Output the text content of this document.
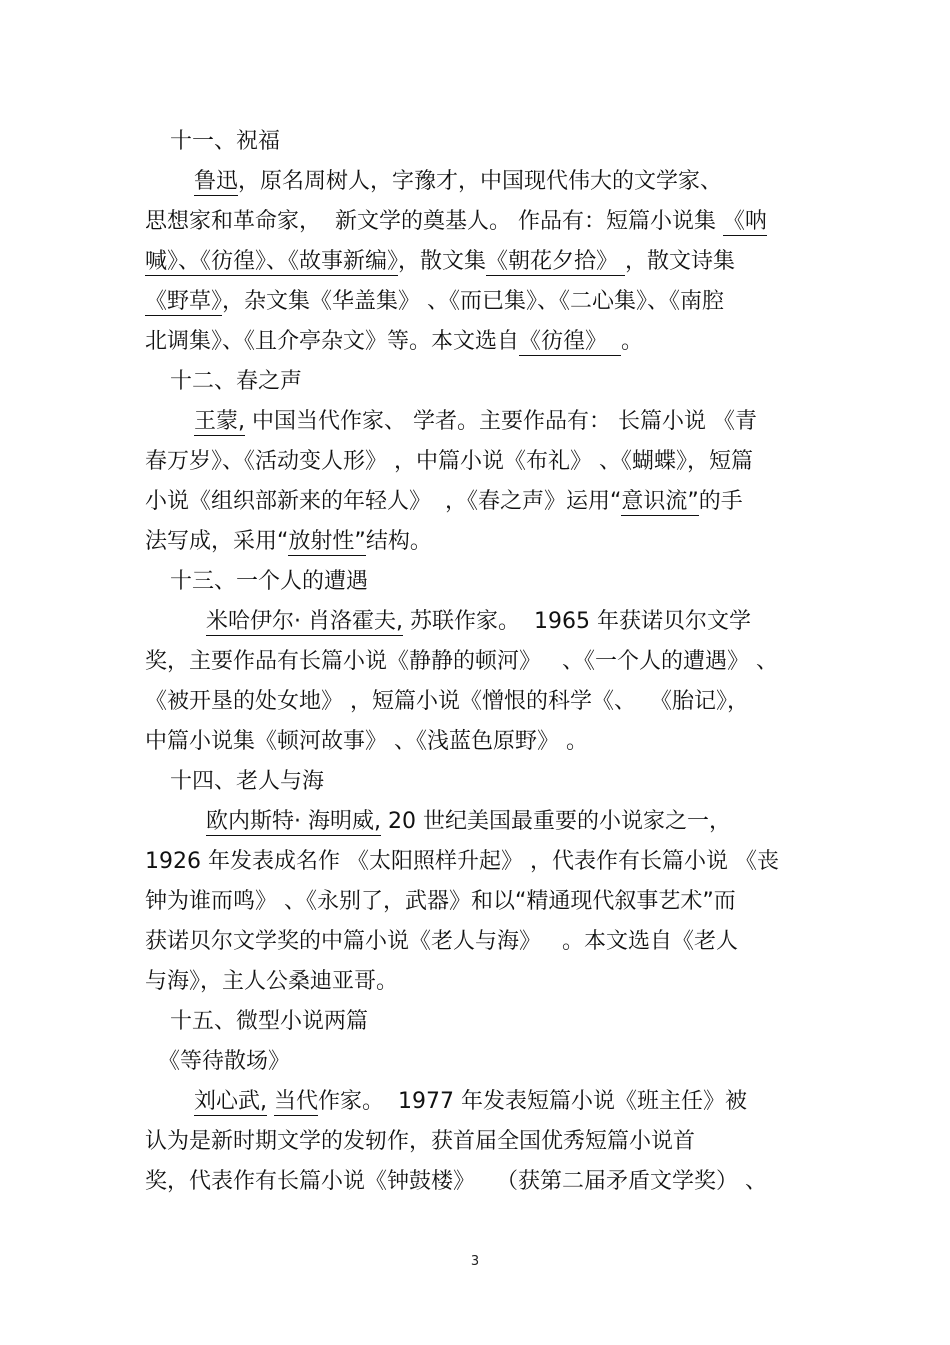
十一、祝福
鲁迅，原名周树人，字豫才，中国现代伟大的文学家、
思想家和革命家，  新文学的奠基人。 作品有：短篇小说集 《呐
喊》、《彷徨》、《故事新编》，散文集《朝花夕拾》 ，散文诗集
《野草》，杂文集《华盖集》 、《而已集》、《二心集》、《南腔
北调集》、《且介亭杂文》等。本文选自《彷徨》  。
十二、春之声
王蒙, 中国当代作家、 学者。主要作品有： 长篇小说 《青
春万岁》、《活动变人形》 ，中篇小说《布礼》 、《蝴蝶》，短篇
小说《组织部新来的年轻人》  ，《春之声》运用“意识流”的手
法写成，采用“放射性”结构。
十三、一个人的遭遇
米哈伊尔· 肖洛霍夫, 苏联作家。  1965 年获诺贝尔文学
奖，主要作品有长篇小说《静静的顿河》   、《一个人的遭遇》 、
《被开垦的处女地》 ，短篇小说《憎恨的科学《、  《胎记》，
中篇小说集《顿河故事》 、《浅蓝色原野》 。
十四、老人与海
欧内斯特· 海明威, 20 世纪美国最重要的小说家之一，
1926 年发表成名作 《太阳照样升起》 ，代表作有长篇小说 《丧
钟为谁而鸣》 、《永别了，武器》和以“精通现代叙事艺术”而
获诺贝尔文学奖的中篇小说《老人与海》   。本文选自《老人
与海》，主人公桑迪亚哥。
十五、微型小说两篇
《等待散场》
刘心武, 当代作家。  1977 年发表短篇小说《班主任》被
认为是新时期文学的发轫作，获首届全国优秀短篇小说首
奖，代表作有长篇小说《钟鼓楼》   （获第二届矛盾文学奖） 、
3
